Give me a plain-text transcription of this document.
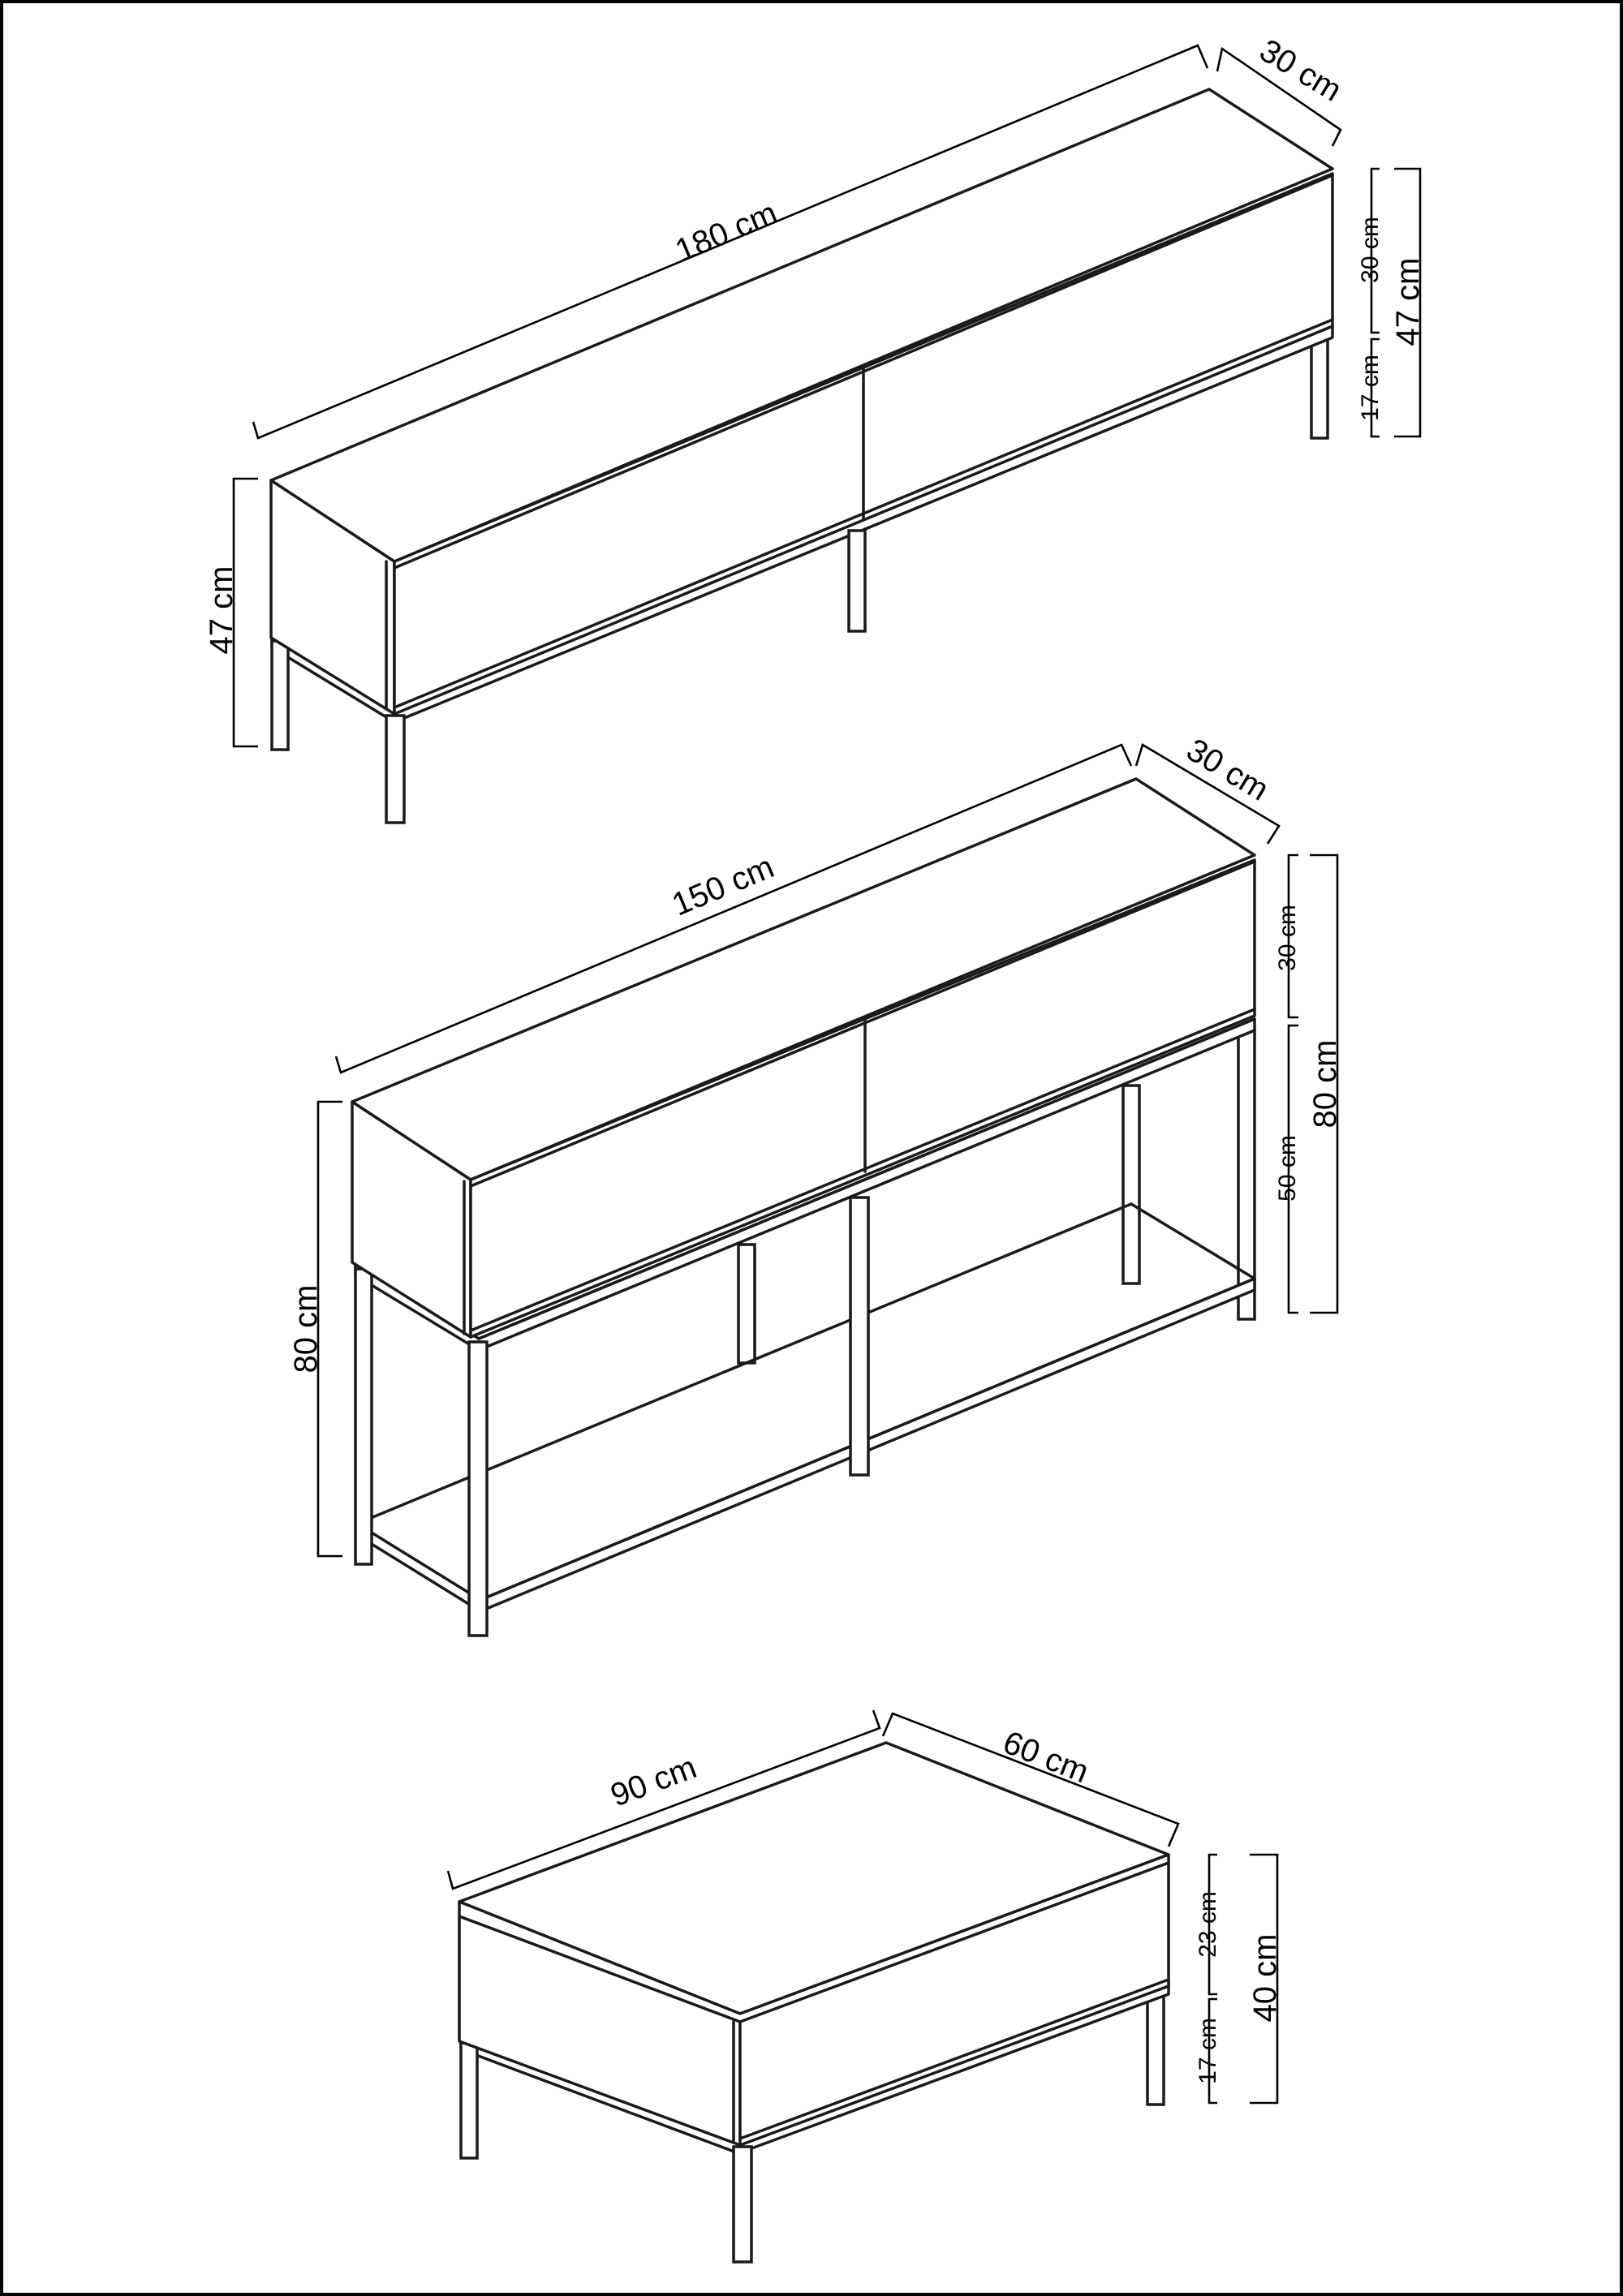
180 cm
30 cm
47 cm
30 cm
17 cm
47 cm
150 cm
30 cm
80 cm
30 cm
50 cm
80 cm
90 cm	60 cm
23 cm
17 cm
40 cm
